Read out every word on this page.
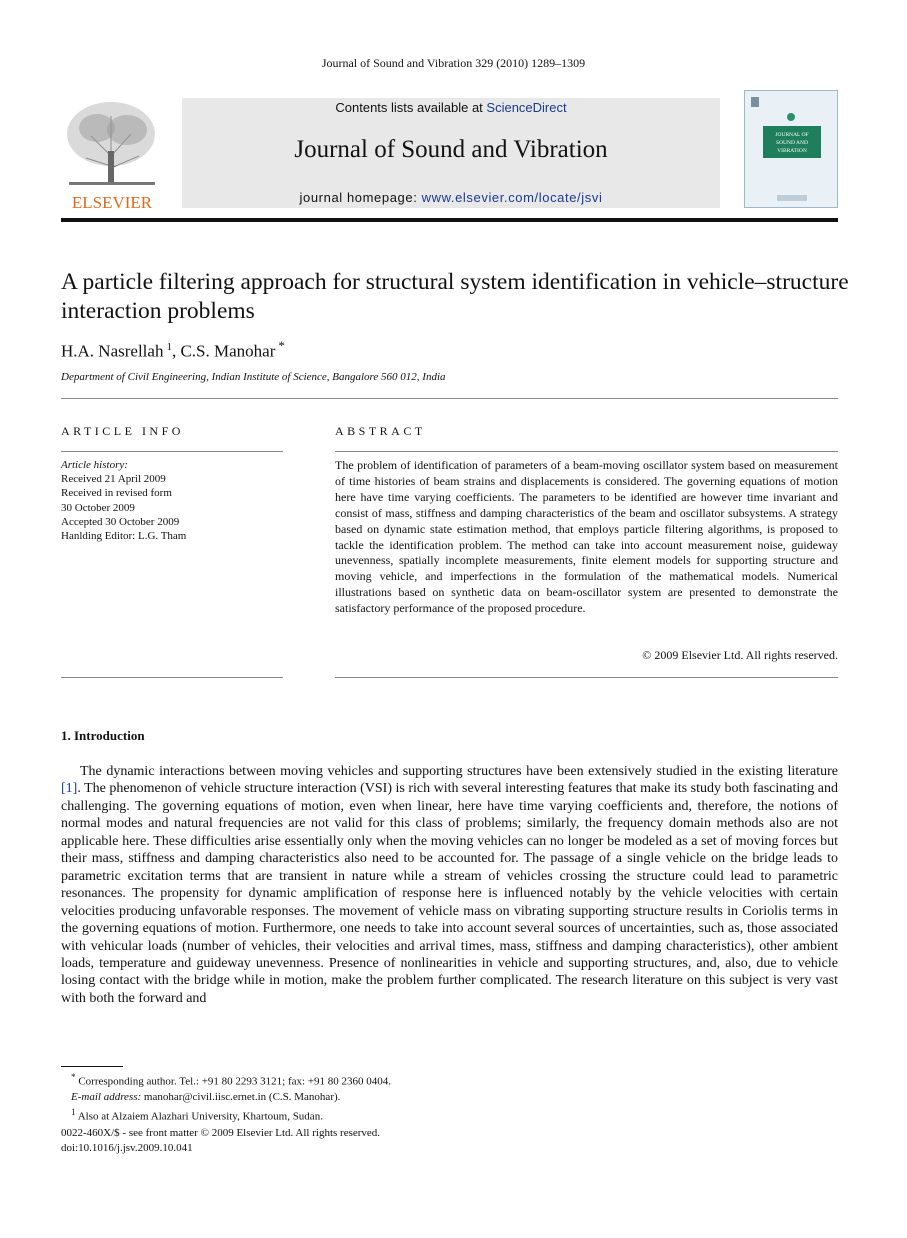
Journal of Sound and Vibration 329 (2010) 1289–1309
ELSEVIER
Contents lists available at ScienceDirect
Journal of Sound and Vibration
journal homepage: www.elsevier.com/locate/jsvi
JOURNAL OF
SOUND AND
VIBRATION
A particle filtering approach for structural system identification in vehicle–structure interaction problems
H.A. Nasrellah $^1$, C.S. Manohar *
Department of Civil Engineering, Indian Institute of Science, Bangalore 560 012, India
ARTICLE INFO
Article history:
Received 21 April 2009
Received in revised form
30 October 2009
Accepted 30 October 2009
Hanlding Editor: L.G. Tham
ABSTRACT
The problem of identification of parameters of a beam-moving oscillator system based on measurement of time histories of beam strains and displacements is considered. The governing equations of motion here have time varying coefficients. The parameters to be identified are however time invariant and consist of mass, stiffness and damping characteristics of the beam and oscillator subsystems. A strategy based on dynamic state estimation method, that employs particle filtering algorithms, is proposed to tackle the identification problem. The method can take into account measurement noise, guideway unevenness, spatially incomplete measurements, finite element models for supporting structure and moving vehicle, and imperfections in the formulation of the mathematical models. Numerical illustrations based on synthetic data on beam-oscillator system are presented to demonstrate the satisfactory performance of the proposed procedure.
© 2009 Elsevier Ltd. All rights reserved.
1. Introduction
The dynamic interactions between moving vehicles and supporting structures have been extensively studied in the existing literature [1]. The phenomenon of vehicle structure interaction (VSI) is rich with several interesting features that make its study both fascinating and challenging. The governing equations of motion, even when linear, here have time varying coefficients and, therefore, the notions of normal modes and natural frequencies are not valid for this class of problems; similarly, the frequency domain methods also are not applicable here. These difficulties arise essentially only when the moving vehicles can no longer be modeled as a set of moving forces but their mass, stiffness and damping characteristics also need to be accounted for. The passage of a single vehicle on the bridge leads to parametric excitation terms that are transient in nature while a stream of vehicles crossing the structure could lead to parametric resonances. The propensity for dynamic amplification of response here is influenced notably by the vehicle velocities with certain velocities producing unfavorable responses. The movement of vehicle mass on vibrating supporting structure results in Coriolis terms in the governing equations of motion. Furthermore, one needs to take into account several sources of uncertainties, such as, those associated with vehicular loads (number of vehicles, their velocities and arrival times, mass, stiffness and damping characteristics), other ambient loads, temperature and guideway unevenness. Presence of nonlinearities in vehicle and supporting structures, and, also, due to vehicle losing contact with the bridge while in motion, make the problem further complicated. The research literature on this subject is very vast with both the forward and
* Corresponding author. Tel.: +91 80 2293 3121; fax: +91 80 2360 0404.
E-mail address: manohar@civil.iisc.ernet.in (C.S. Manohar).
$^1$ Also at Alzaiem Alazhari University, Khartoum, Sudan.
0022-460X/$ - see front matter © 2009 Elsevier Ltd. All rights reserved.
doi:10.1016/j.jsv.2009.10.041
